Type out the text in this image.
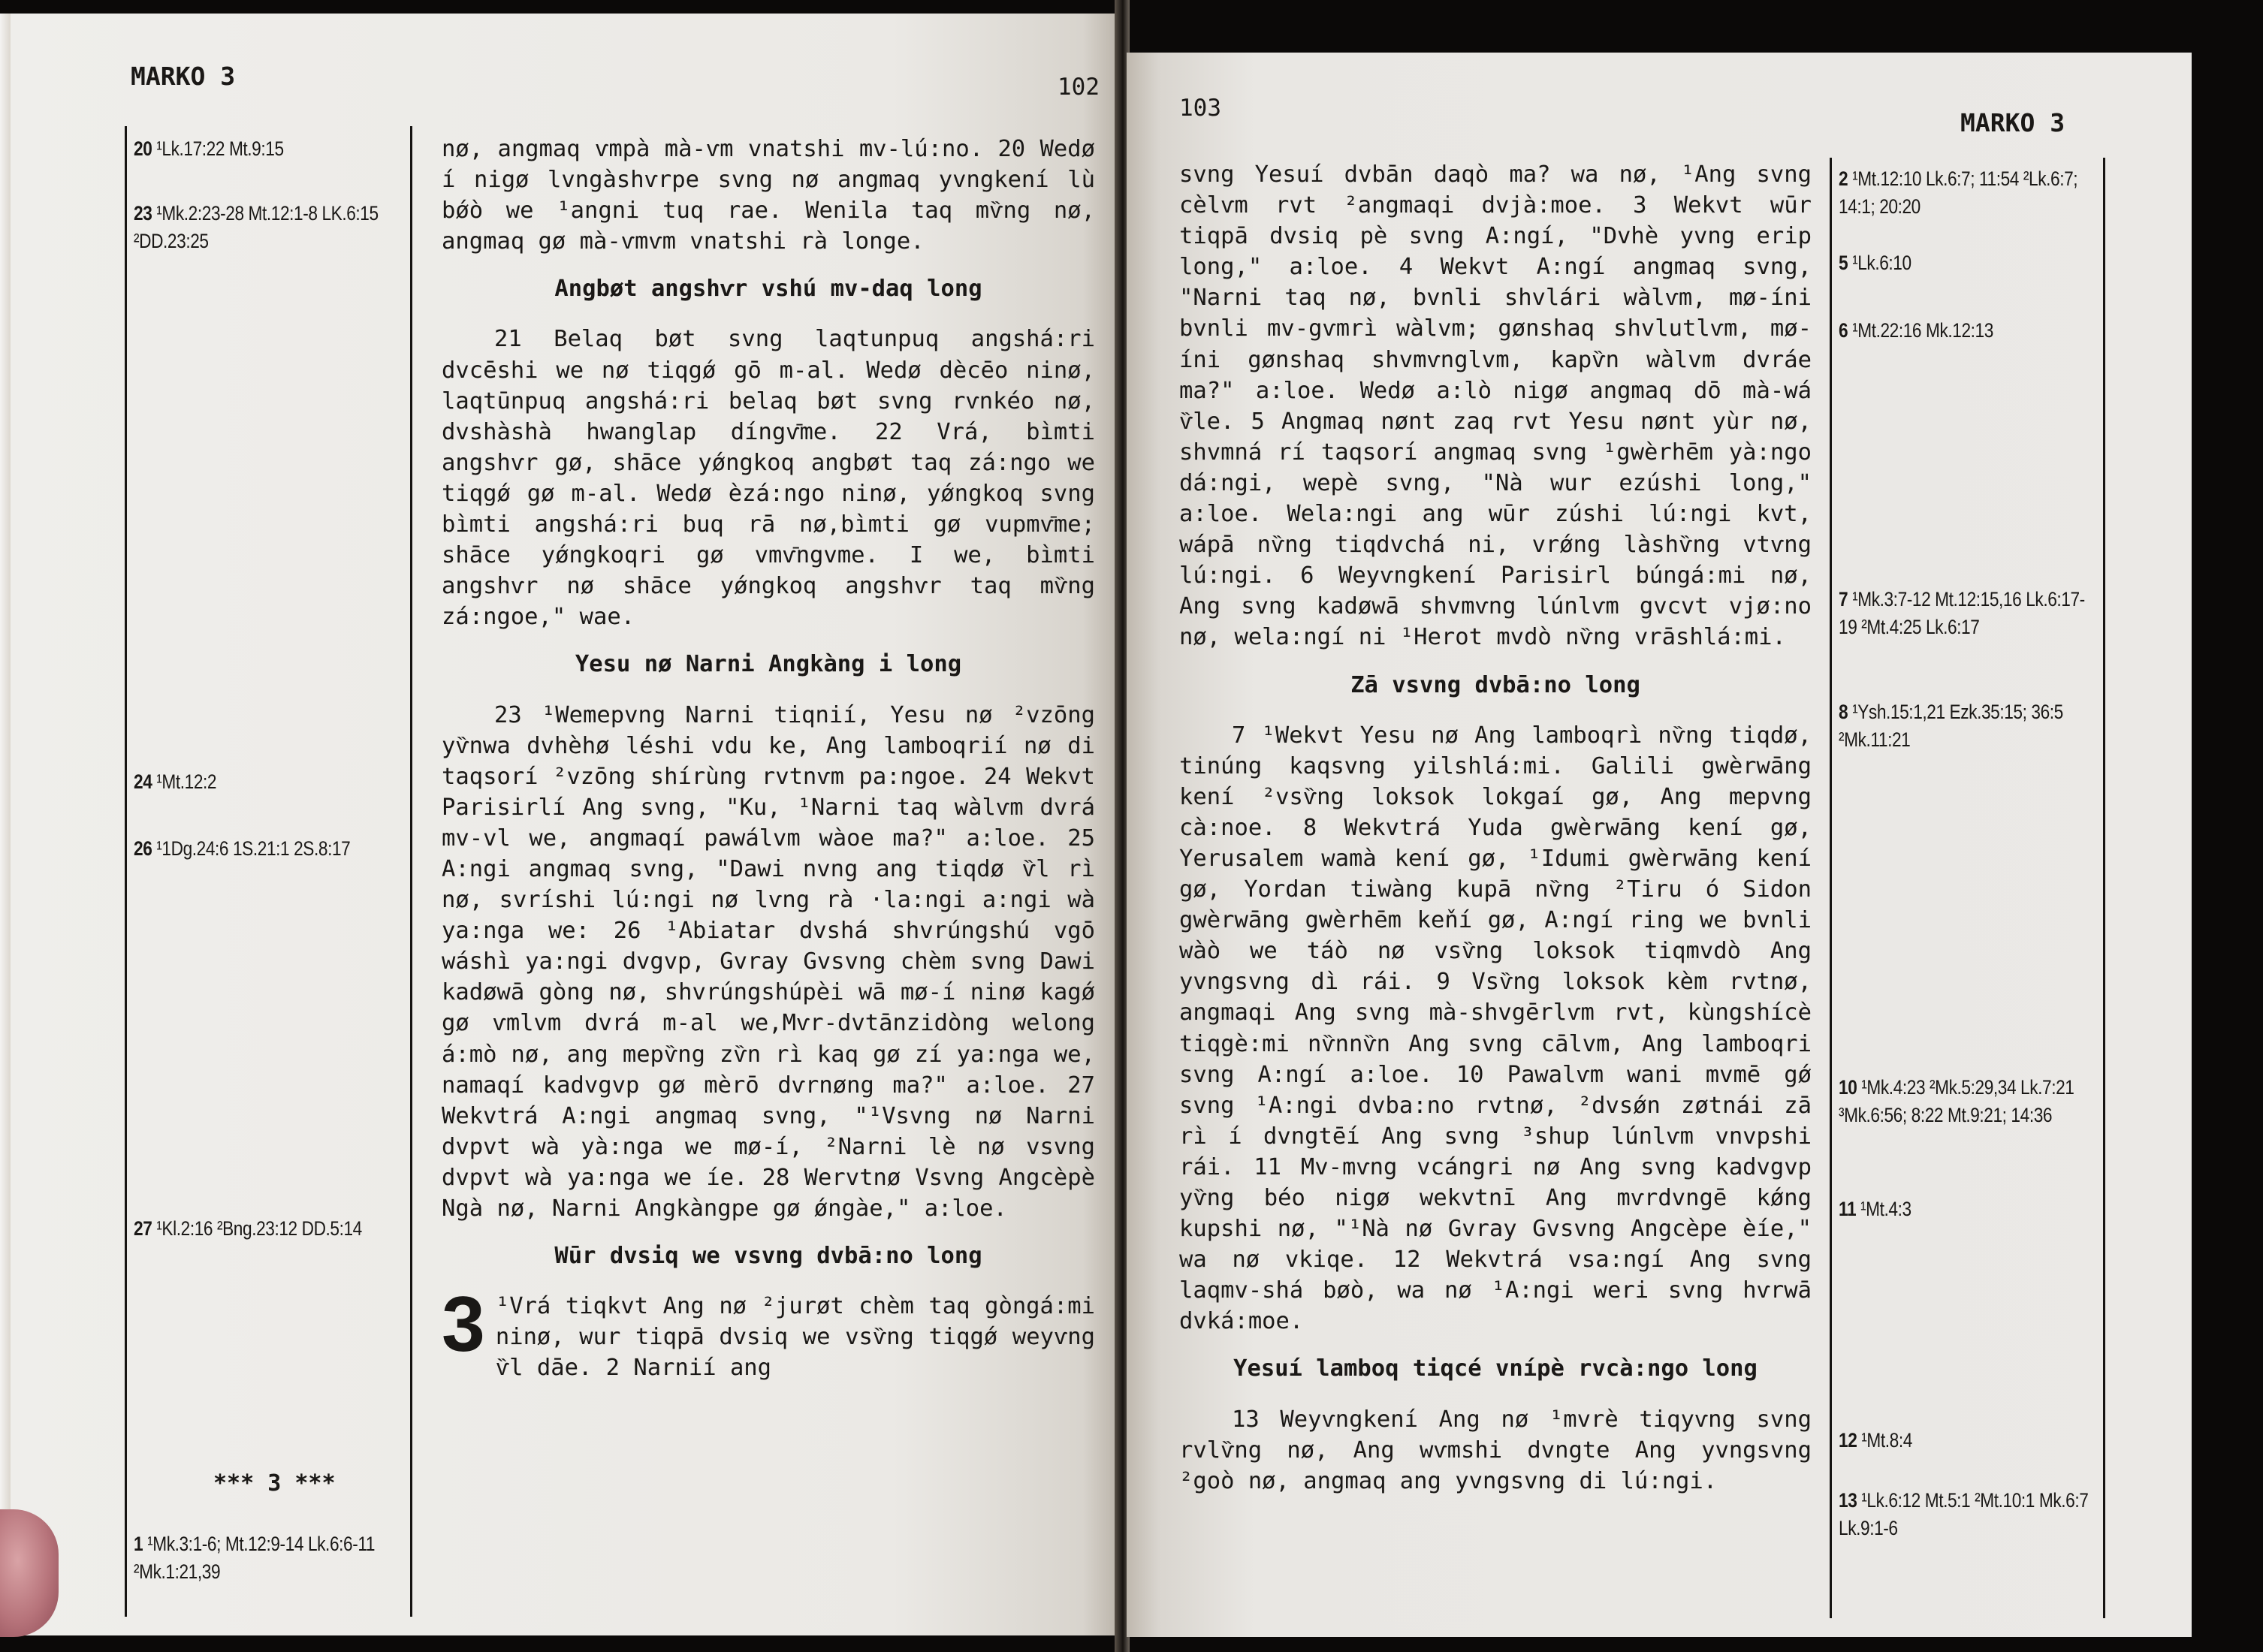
MARKO 3	102
20 ¹Lk.17:22 Mt.9:15
23 ¹Mk.2:23-28 Mt.12:1-8 LK.6:15 ²DD.23:25
24 ¹Mt.12:2
26 ¹1Dg.24:6 1S.21:1 2S.8:17
27 ¹Kl.2:16 ²Bng.23:12 DD.5:14
*** 3 ***
1 ¹Mk.3:1-6; Mt.12:9-14 Lk.6:6-11 ²Mk.1:21,39

nø, angmaq ѵmpà mà-ѵm vnatshi mv-lú:no. 20 Wedø í nigø lvngàshѵrpe svng nø angmaq yvngkení lù bǿò we ¹angni tuq rae. Wenila taq mѷng nø, angmaq gø mà-ѵmѵm vnatshi rà longe.

Angbøt angshѵr vshú mv-daq long

21 Belaq bøt svng laqtunpuq angshá:ri dvcēshi we nø tiqgǿ gō m-al. Wedø dècēo ninø, laqtūnpuq angshá:ri belaq bøt svng rѵnkéo nø, dvshàshà hwanglap díngѵ̄me. 22 Vrá, bìmti angshѵr gø, shāce yǿngkoq angbøt taq zá:ngo we tiqgǿ gø m-al. Wedø èzá:ngo ninø, yǿngkoq svng bìmti angshá:ri buq rā nø,bìmti gø vupmѵ̄me; shāce yǿngkoqri gø vmѵ̄ngvme. I we, bìmti angshѵr nø shāce yǿngkoq angshѵr taq mѷng zá:ngoe," wae.

Yesu nø Narni Angkàng i long

23 ¹Wemepvng Narni tiqnií, Yesu nø ²vzōng yѷnwa dvhѐhø léshi vdu ke, Ang lamboqrií nø di taqsorí ²vzōng shírùng rvtnѵm pa:ngoe. 24 Wekvt Parisirlí Ang svng, "Ku, ¹Narni taq wàlѵm dvrá mv-vl we, angmaqí pawálvm wàoe ma?" a:loe. 25 A:ngi angmaq svng, "Dawi nvng ang tiqdø ѷl rì nø, svríshi lú:ngi nø lѵng rà ·la:ngi a:ngi wà ya:nga we: 26 ¹Abiatar dvshá shvrúngshú vgō wáshì ya:ngi dvgvp, Gvray Gvsvng chѐm svng Dawi kadøwā gòng nø, shvrúngshúpèi wā mø-í ninø kagǿ gø ѵmlvm dvrá m-al we,Mѵr-dvtānzidòng welong á:mò nø, ang mepѷng zѷn rì kaq gø zí ya:nga we, namaqí kadvgvp gø mèrō dѵrnøng ma?" a:loe. 27 Wekvtrá A:ngi angmaq svng, "¹Vsvng nø Narni dvpvt wà yà:nga we mø-í, ²Narni lè nø vsvng dvpvt wà ya:nga we íe. 28 Wervtnø Vsvng Angcèpè Ngà nø, Narni Angkàngpe gø ǿngàe," a:loe.

Wūr dvsiq we vsvng dvbā:no long

3 ¹Vrá tiqkvt Ang nø ²jurøt chѐm taq gòngá:mi ninø, wur tiqpā dvsiq we vsѷng tiqgǿ weyѵng ѷl dāe. 2 Narnií ang

103	MARKO 3

svng Yesuí dvbān daqò ma? wa nø, ¹Ang svng cèlѵm rvt ²angmaqi dvjà:moe. 3 Wekvt wūr tiqpā dvsiq pè svng A:ngí, "Dvhѐ yvng erip long," a:loe. 4 Wekvt A:ngí angmaq svng, "Narni taq nø, bvnli shvlári wàlѵm, mø-íni bvnli mv-gѵmrì wàlvm; gønshaq shvlutlѵm, mø-íni gønshaq shvmѵnglvm, kapѷn wàlvm dvráe ma?" a:loe. Wedø a:lò nigø angmaq dō mà-wá ѷle. 5 Angmaq nønt zaq rvt Yesu nønt yùr nø, shvmná rí taqsorí angmaq svng ¹gwѐrhēm yà:ngo dá:ngi, wepè svng, "Nà wur ezúshi long," a:loe. Wela:ngi ang wūr zúshi lú:ngi kvt, wápā nѷng tiqdvchá ni, vrǿng làshѷng vtѵng lú:ngi. 6 Weyѵngkení Parisirl búngá:mi nø, Ang svng kadøwā shvmѵng lúnlѵm gvcvt vjø:no nø, wela:ngí ni ¹Herot mvdò nѷng vrāshlá:mi.

Zā vsvng dvbā:no long

7 ¹Wekvt Yesu nø Ang lamboqrì nѷng tiqdø, tinúng kaqsvng yilshlá:mi. Galili gwѐrwāng kení ²vsѷng loksok lokgaí gø, Ang mepvng cà:noe. 8 Wekvtrá Yuda gwѐrwāng kení gø, Yerusalem wamà kení gø, ¹Idumi gwѐrwāng kení gø, Yordan tiwàng kupā nѷng ²Tiru ó Sidon gwѐrwāng gwѐrhēm keňí gø, A:ngí ring we bvnli wàò we táò nø vsѷng loksok tiqmvdò Ang yvngsvng dì rái. 9 Vsѷng loksok kѐm rvtnø, angmaqi Ang svng mà-shvgērlѵm rvt, kùngshícè tiqgѐ:mi nѷnnѷn Ang svng cālvm, Ang lamboqri svng A:ngí a:loe. 10 Pawalѵm wani mvmē gǿ svng ¹A:ngi dvba:no rvtnø, ²dvsǿn zøtnái zā rì í dvngtēí Ang svng ³shup lúnlѵm vnvpshi rái. 11 Mv-mѵng vcángri nø Ang svng kadvgvp yѷng béo nigø wekvtnī Ang mѵrdvngē kǿng kupshi nø, "¹Nà nø Gvray Gvsvng Angcèpe èíe," wa nø vkiqe. 12 Wekvtrá vsa:ngí Ang svng laqmv-shá bøò, wa nø ¹A:ngi weri svng hѵrwā dvká:moe.

Yesuí lamboq tiqcé vnípè rvcà:ngo long

13 Weyѵngkení Ang nø ¹mvrè tiqyѵng svng rvlѷng nø, Ang wѵmshi dvngte Ang yvngsvng ²goò nø, angmaq ang yvngsvng di lú:ngi.

2 ¹Mt.12:10 Lk.6:7; 11:54 ²Lk.6:7; 14:1; 20:20
5 ¹Lk.6:10
6 ¹Mt.22:16 Mk.12:13
7 ¹Mk.3:7-12 Mt.12:15,16 Lk.6:17-19 ²Mt.4:25 Lk.6:17
8 ¹Ysh.15:1,21 Ezk.35:15; 36:5 ²Mk.11:21
10 ¹Mk.4:23 ²Mk.5:29,34 Lk.7:21 ³Mk.6:56; 8:22 Mt.9:21; 14:36
11 ¹Mt.4:3
12 ¹Mt.8:4
13 ¹Lk.6:12 Mt.5:1 ²Mt.10:1 Mk.6:7 Lk.9:1-6
